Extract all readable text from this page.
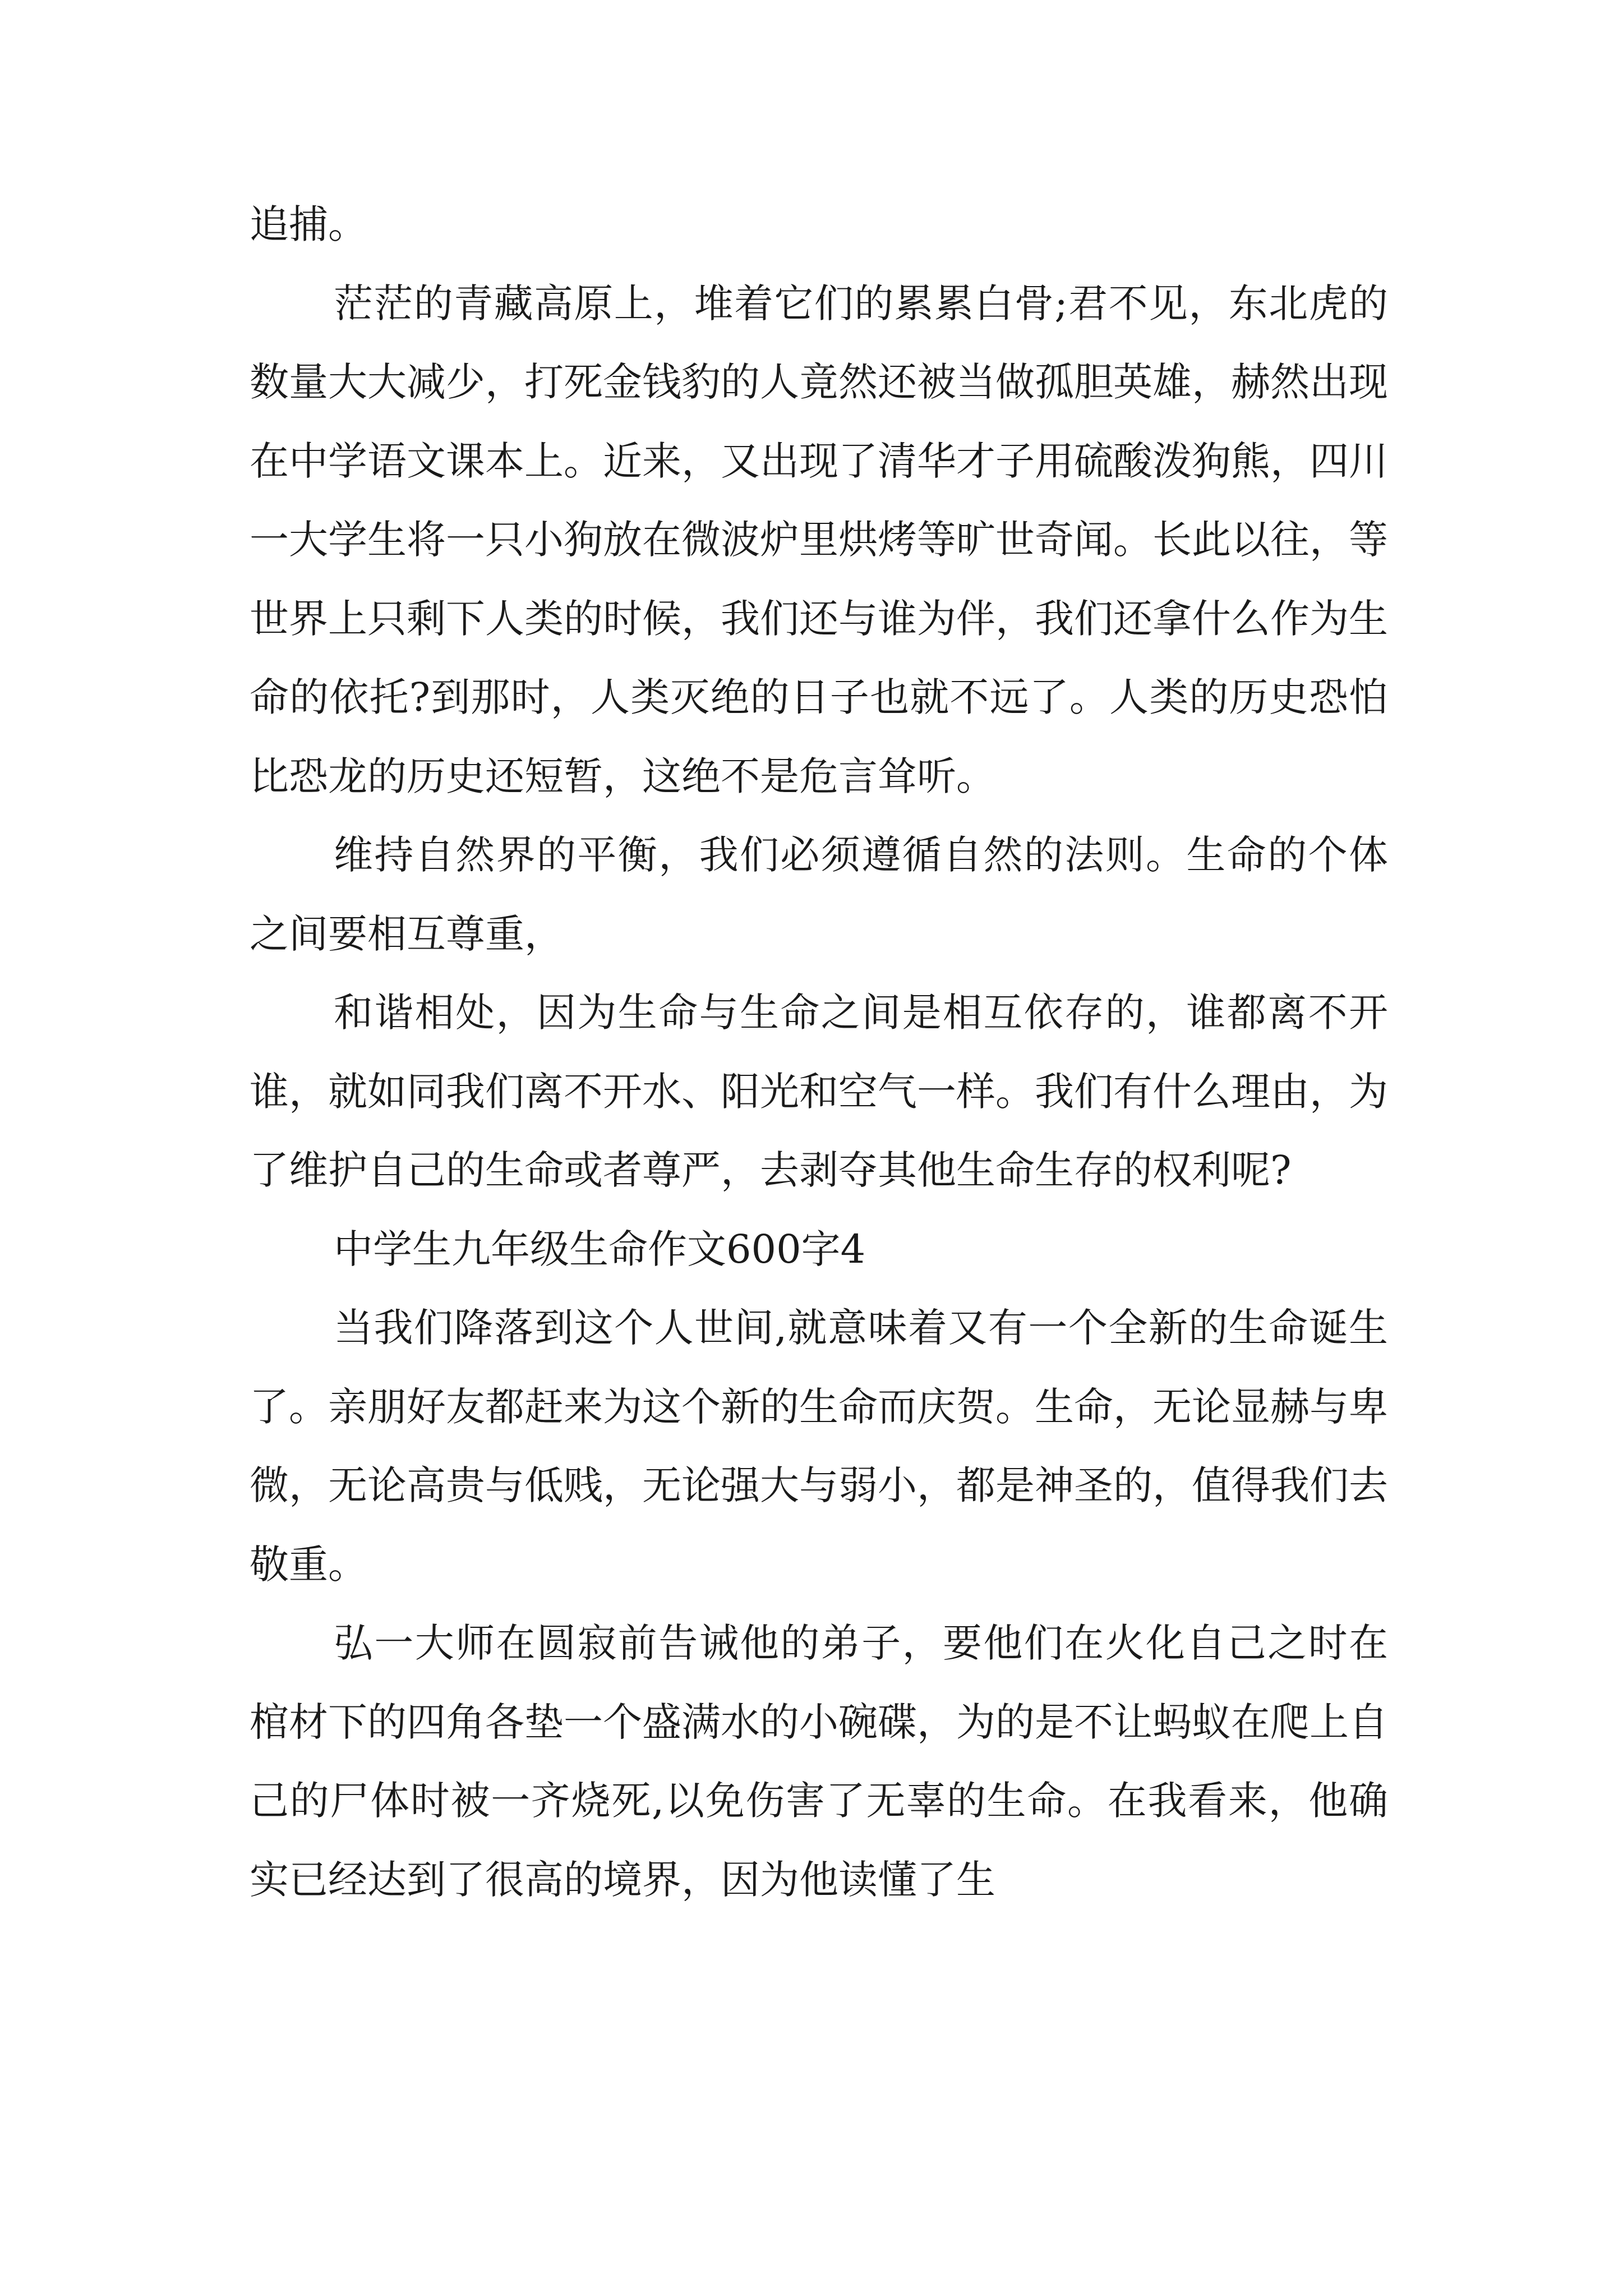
追捕。

茫茫的青藏高原上，堆着它们的累累白骨;君不见，东北虎的数量大大减少，打死金钱豹的人竟然还被当做孤胆英雄，赫然出现在中学语文课本上。近来，又出现了清华才子用硫酸泼狗熊，四川一大学生将一只小狗放在微波炉里烘烤等旷世奇闻。长此以往，等世界上只剩下人类的时候，我们还与谁为伴，我们还拿什么作为生命的依托?到那时，人类灭绝的日子也就不远了。人类的历史恐怕比恐龙的历史还短暂，这绝不是危言耸听。

维持自然界的平衡，我们必须遵循自然的法则。生命的个体之间要相互尊重，

和谐相处，因为生命与生命之间是相互依存的，谁都离不开谁，就如同我们离不开水、阳光和空气一样。我们有什么理由，为了维护自己的生命或者尊严，去剥夺其他生命生存的权利呢?

中学生九年级生命作文600字4

当我们降落到这个人世间,就意味着又有一个全新的生命诞生了。亲朋好友都赶来为这个新的生命而庆贺。生命，无论显赫与卑微，无论高贵与低贱，无论强大与弱小，都是神圣的，值得我们去敬重。

弘一大师在圆寂前告诫他的弟子，要他们在火化自己之时在棺材下的四角各垫一个盛满水的小碗碟，为的是不让蚂蚁在爬上自己的尸体时被一齐烧死,以免伤害了无辜的生命。在我看来，他确实已经达到了很高的境界，因为他读懂了生
